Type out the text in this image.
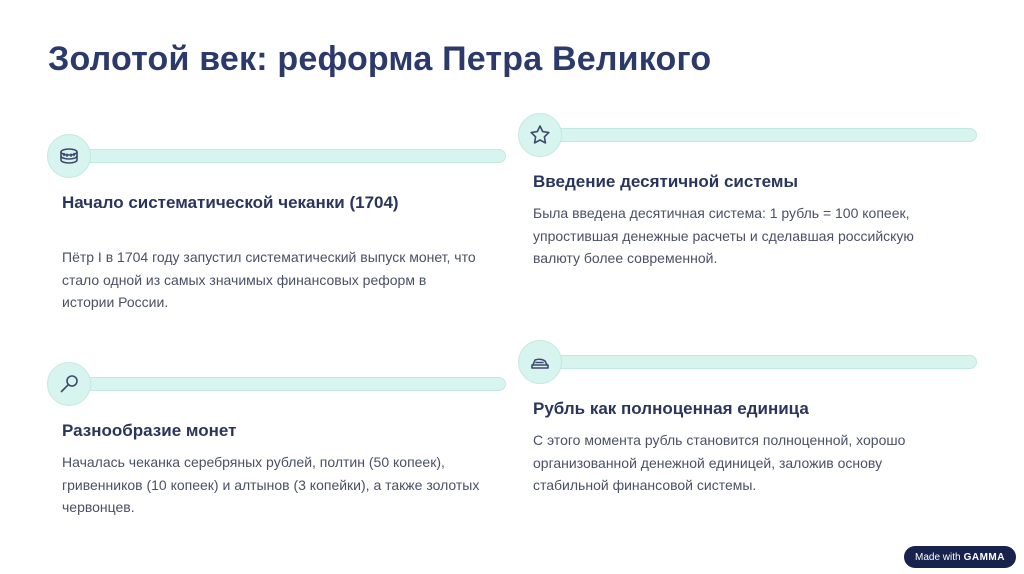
Золотой век: реформа Петра Великого
Начало систематической чеканки (1704)
Пётр I в 1704 году запустил систематический выпуск монет, что стало одной из самых значимых финансовых реформ в истории России.
Введение десятичной системы
Была введена десятичная система: 1 рубль = 100 копеек, упростившая денежные расчеты и сделавшая российскую валюту более современной.
Разнообразие монет
Началась чеканка серебряных рублей, полтин (50 копеек), гривенников (10 копеек) и алтынов (3 копейки), а также золотых червонцев.
Рубль как полноценная единица
С этого момента рубль становится полноценной, хорошо организованной денежной единицей, заложив основу стабильной финансовой системы.
Made with GAMMA
